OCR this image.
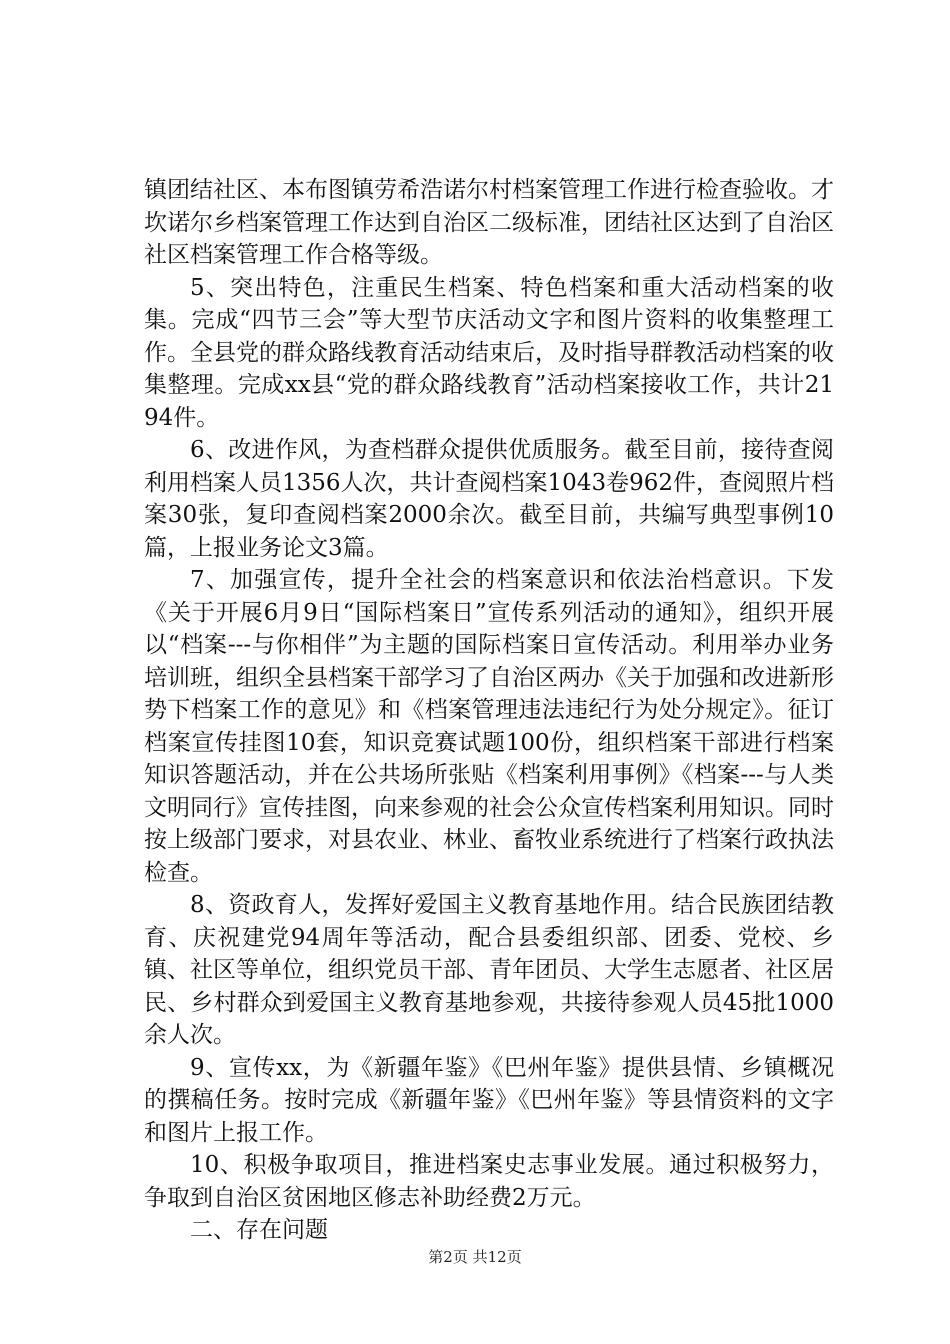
镇团结社区、本布图镇劳希浩诺尔村档案管理工作进行检查验收。才坎诺尔乡档案管理工作达到自治区二级标准，团结社区达到了自治区社区档案管理工作合格等级。

5、突出特色，注重民生档案、特色档案和重大活动档案的收集。完成“四节三会”等大型节庆活动文字和图片资料的收集整理工作。全县党的群众路线教育活动结束后，及时指导群教活动档案的收集整理。完成xx县“党的群众路线教育”活动档案接收工作，共计2194件。

6、改进作风，为查档群众提供优质服务。截至目前，接待查阅利用档案人员1356人次，共计查阅档案1043卷962件，查阅照片档案30张，复印查阅档案2000余次。截至目前，共编写典型事例10篇，上报业务论文3篇。

7、加强宣传，提升全社会的档案意识和依法治档意识。下发《关于开展6月9日“国际档案日”宣传系列活动的通知》，组织开展以“档案---与你相伴”为主题的国际档案日宣传活动。利用举办业务培训班，组织全县档案干部学习了自治区两办《关于加强和改进新形势下档案工作的意见》和《档案管理违法违纪行为处分规定》。征订档案宣传挂图10套，知识竞赛试题100份，组织档案干部进行档案知识答题活动，并在公共场所张贴《档案利用事例》《档案---与人类文明同行》宣传挂图，向来参观的社会公众宣传档案利用知识。同时按上级部门要求，对县农业、林业、畜牧业系统进行了档案行政执法检查。

8、资政育人，发挥好爱国主义教育基地作用。结合民族团结教育、庆祝建党94周年等活动，配合县委组织部、团委、党校、乡镇、社区等单位，组织党员干部、青年团员、大学生志愿者、社区居民、乡村群众到爱国主义教育基地参观，共接待参观人员45批1000余人次。

9、宣传xx，为《新疆年鉴》《巴州年鉴》提供县情、乡镇概况的撰稿任务。按时完成《新疆年鉴》《巴州年鉴》等县情资料的文字和图片上报工作。

10、积极争取项目，推进档案史志事业发展。通过积极努力，争取到自治区贫困地区修志补助经费2万元。

二、存在问题

第2页 共12页
